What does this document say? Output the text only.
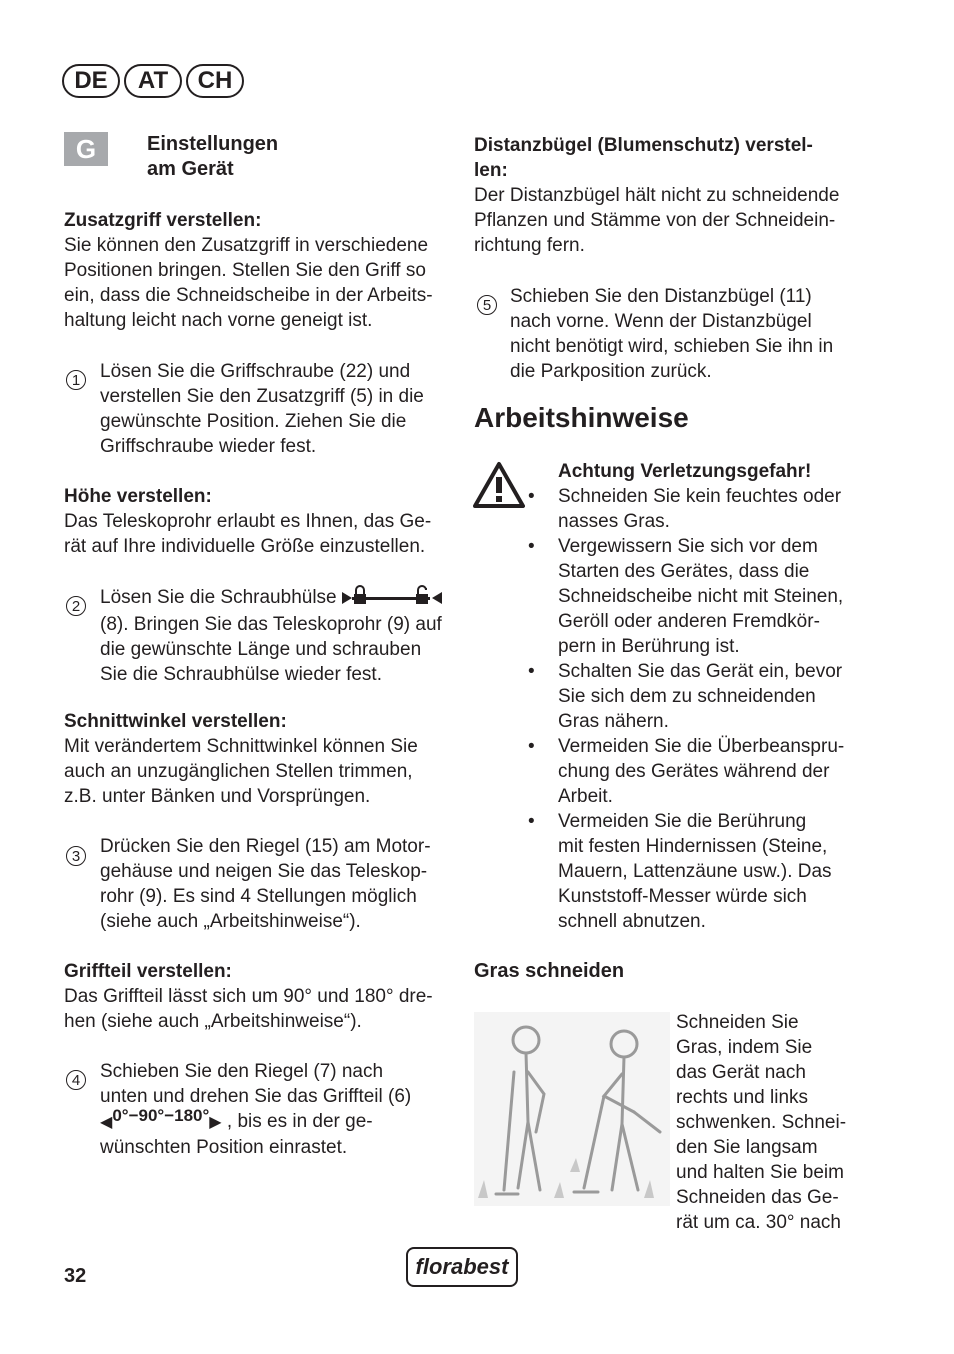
DE	AT	CH
G	Einstellungen
am Gerät
Zusatzgriff verstellen:
Sie können den Zusatzgriff in verschiedene
Positionen bringen. Stellen Sie den Griff so
ein, dass die Schneidscheibe in der Arbeits-
haltung leicht nach vorne geneigt ist.
1	Lösen Sie die Griffschraube (22) und
verstellen Sie den Zusatzgriff (5) in die
gewünschte Position. Ziehen Sie die
Griffschraube wieder fest.
Höhe verstellen:
Das Teleskoprohr erlaubt es Ihnen, das Ge-
rät auf Ihre individuelle Größe einzustellen.
2	Lösen Sie die Schraubhülse
(8). Bringen Sie das Teleskoprohr (9) auf
die gewünschte Länge und schrauben
Sie die Schraubhülse wieder fest.
Schnittwinkel verstellen:
Mit verändertem Schnittwinkel können Sie
auch an unzugänglichen Stellen trimmen,
z.B. unter Bänken und Vorsprüngen.
3	Drücken Sie den Riegel (15) am Motor-
gehäuse und neigen Sie das Teleskop-
rohr (9). Es sind 4 Stellungen möglich
(siehe auch „Arbeitshinweise“).
Griffteil verstellen:
Das Griffteil lässt sich um 90° und 180° dre-
hen (siehe auch „Arbeitshinweise“).
4	Schieben Sie den Riegel (7) nach
unten und drehen Sie das Griffteil (6)
◀0°−90°−180°▶ , bis es in der ge-
wünschten Position einrastet.
Distanzbügel (Blumenschutz) verstel-
len:
Der Distanzbügel hält nicht zu schneidende
Pflanzen und Stämme von der Schneidein-
richtung fern.
5 Schieben Sie den Distanzbügel (11)
nach vorne. Wenn der Distanzbügel
nicht benötigt wird, schieben Sie ihn in
die Parkposition zurück.
Arbeitshinweise
Achtung Verletzungsgefahr!
• Schneiden Sie kein feuchtes oder
nasses Gras.
• Vergewissern Sie sich vor dem
Starten des Gerätes, dass die
Schneidscheibe nicht mit Steinen,
Geröll oder anderen Fremdkör-
pern in Berührung ist.
• Schalten Sie das Gerät ein, bevor
Sie sich dem zu schneidenden
Gras nähern.
• Vermeiden Sie die Überbeanspru-
chung des Gerätes während der
Arbeit.
• Vermeiden Sie die Berührung
mit festen Hindernissen (Steine,
Mauern, Lattenzäune usw.). Das
Kunststoff-Messer würde sich
schnell abnutzen.
Gras schneiden
Schneiden Sie
Gras, indem Sie
das Gerät nach
rechts und links
schwenken. Schnei-
den Sie langsam
und halten Sie beim
Schneiden das Ge-
rät um ca. 30° nach
32	florabest
